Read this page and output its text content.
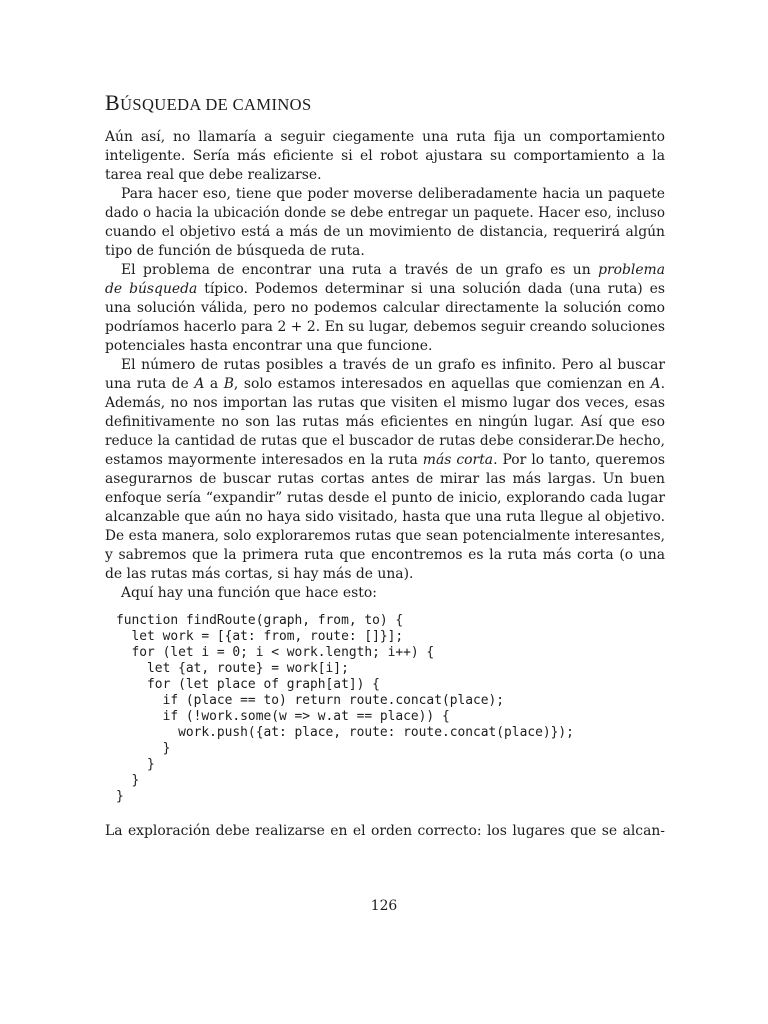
BÚSQUEDA DE CAMINOS
Aún así, no llamaría a seguir ciegamente una ruta fija un comportamiento
inteligente. Sería más eficiente si el robot ajustara su comportamiento a la
tarea real que debe realizarse.
Para hacer eso, tiene que poder moverse deliberadamente hacia un paquete
dado o hacia la ubicación donde se debe entregar un paquete. Hacer eso, incluso
cuando el objetivo está a más de un movimiento de distancia, requerirá algún
tipo de función de búsqueda de ruta.
El problema de encontrar una ruta a través de un grafo es un problema
de búsqueda típico. Podemos determinar si una solución dada (una ruta) es
una solución válida, pero no podemos calcular directamente la solución como
podríamos hacerlo para 2 + 2. En su lugar, debemos seguir creando soluciones
potenciales hasta encontrar una que funcione.
El número de rutas posibles a través de un grafo es infinito. Pero al buscar
una ruta de A a B, solo estamos interesados en aquellas que comienzan en A.
Además, no nos importan las rutas que visiten el mismo lugar dos veces, esas
definitivamente no son las rutas más eficientes en ningún lugar. Así que eso
reduce la cantidad de rutas que el buscador de rutas debe considerar.De hecho,
estamos mayormente interesados en la ruta más corta. Por lo tanto, queremos
asegurarnos de buscar rutas cortas antes de mirar las más largas. Un buen
enfoque sería “expandir” rutas desde el punto de inicio, explorando cada lugar
alcanzable que aún no haya sido visitado, hasta que una ruta llegue al objetivo.
De esta manera, solo exploraremos rutas que sean potencialmente interesantes,
y sabremos que la primera ruta que encontremos es la ruta más corta (o una
de las rutas más cortas, si hay más de una).
Aquí hay una función que hace esto:
function findRoute(graph, from, to) {
let work = [{at: from, route: []}];
for (let i = 0; i < work.length; i++) {
let {at, route} = work[i];
for (let place of graph[at]) {
if (place == to) return route.concat(place);
if (!work.some(w => w.at == place)) {
work.push({at: place, route: route.concat(place)});
}
}
}
}
La exploración debe realizarse en el orden correcto: los lugares que se alcan-
126
